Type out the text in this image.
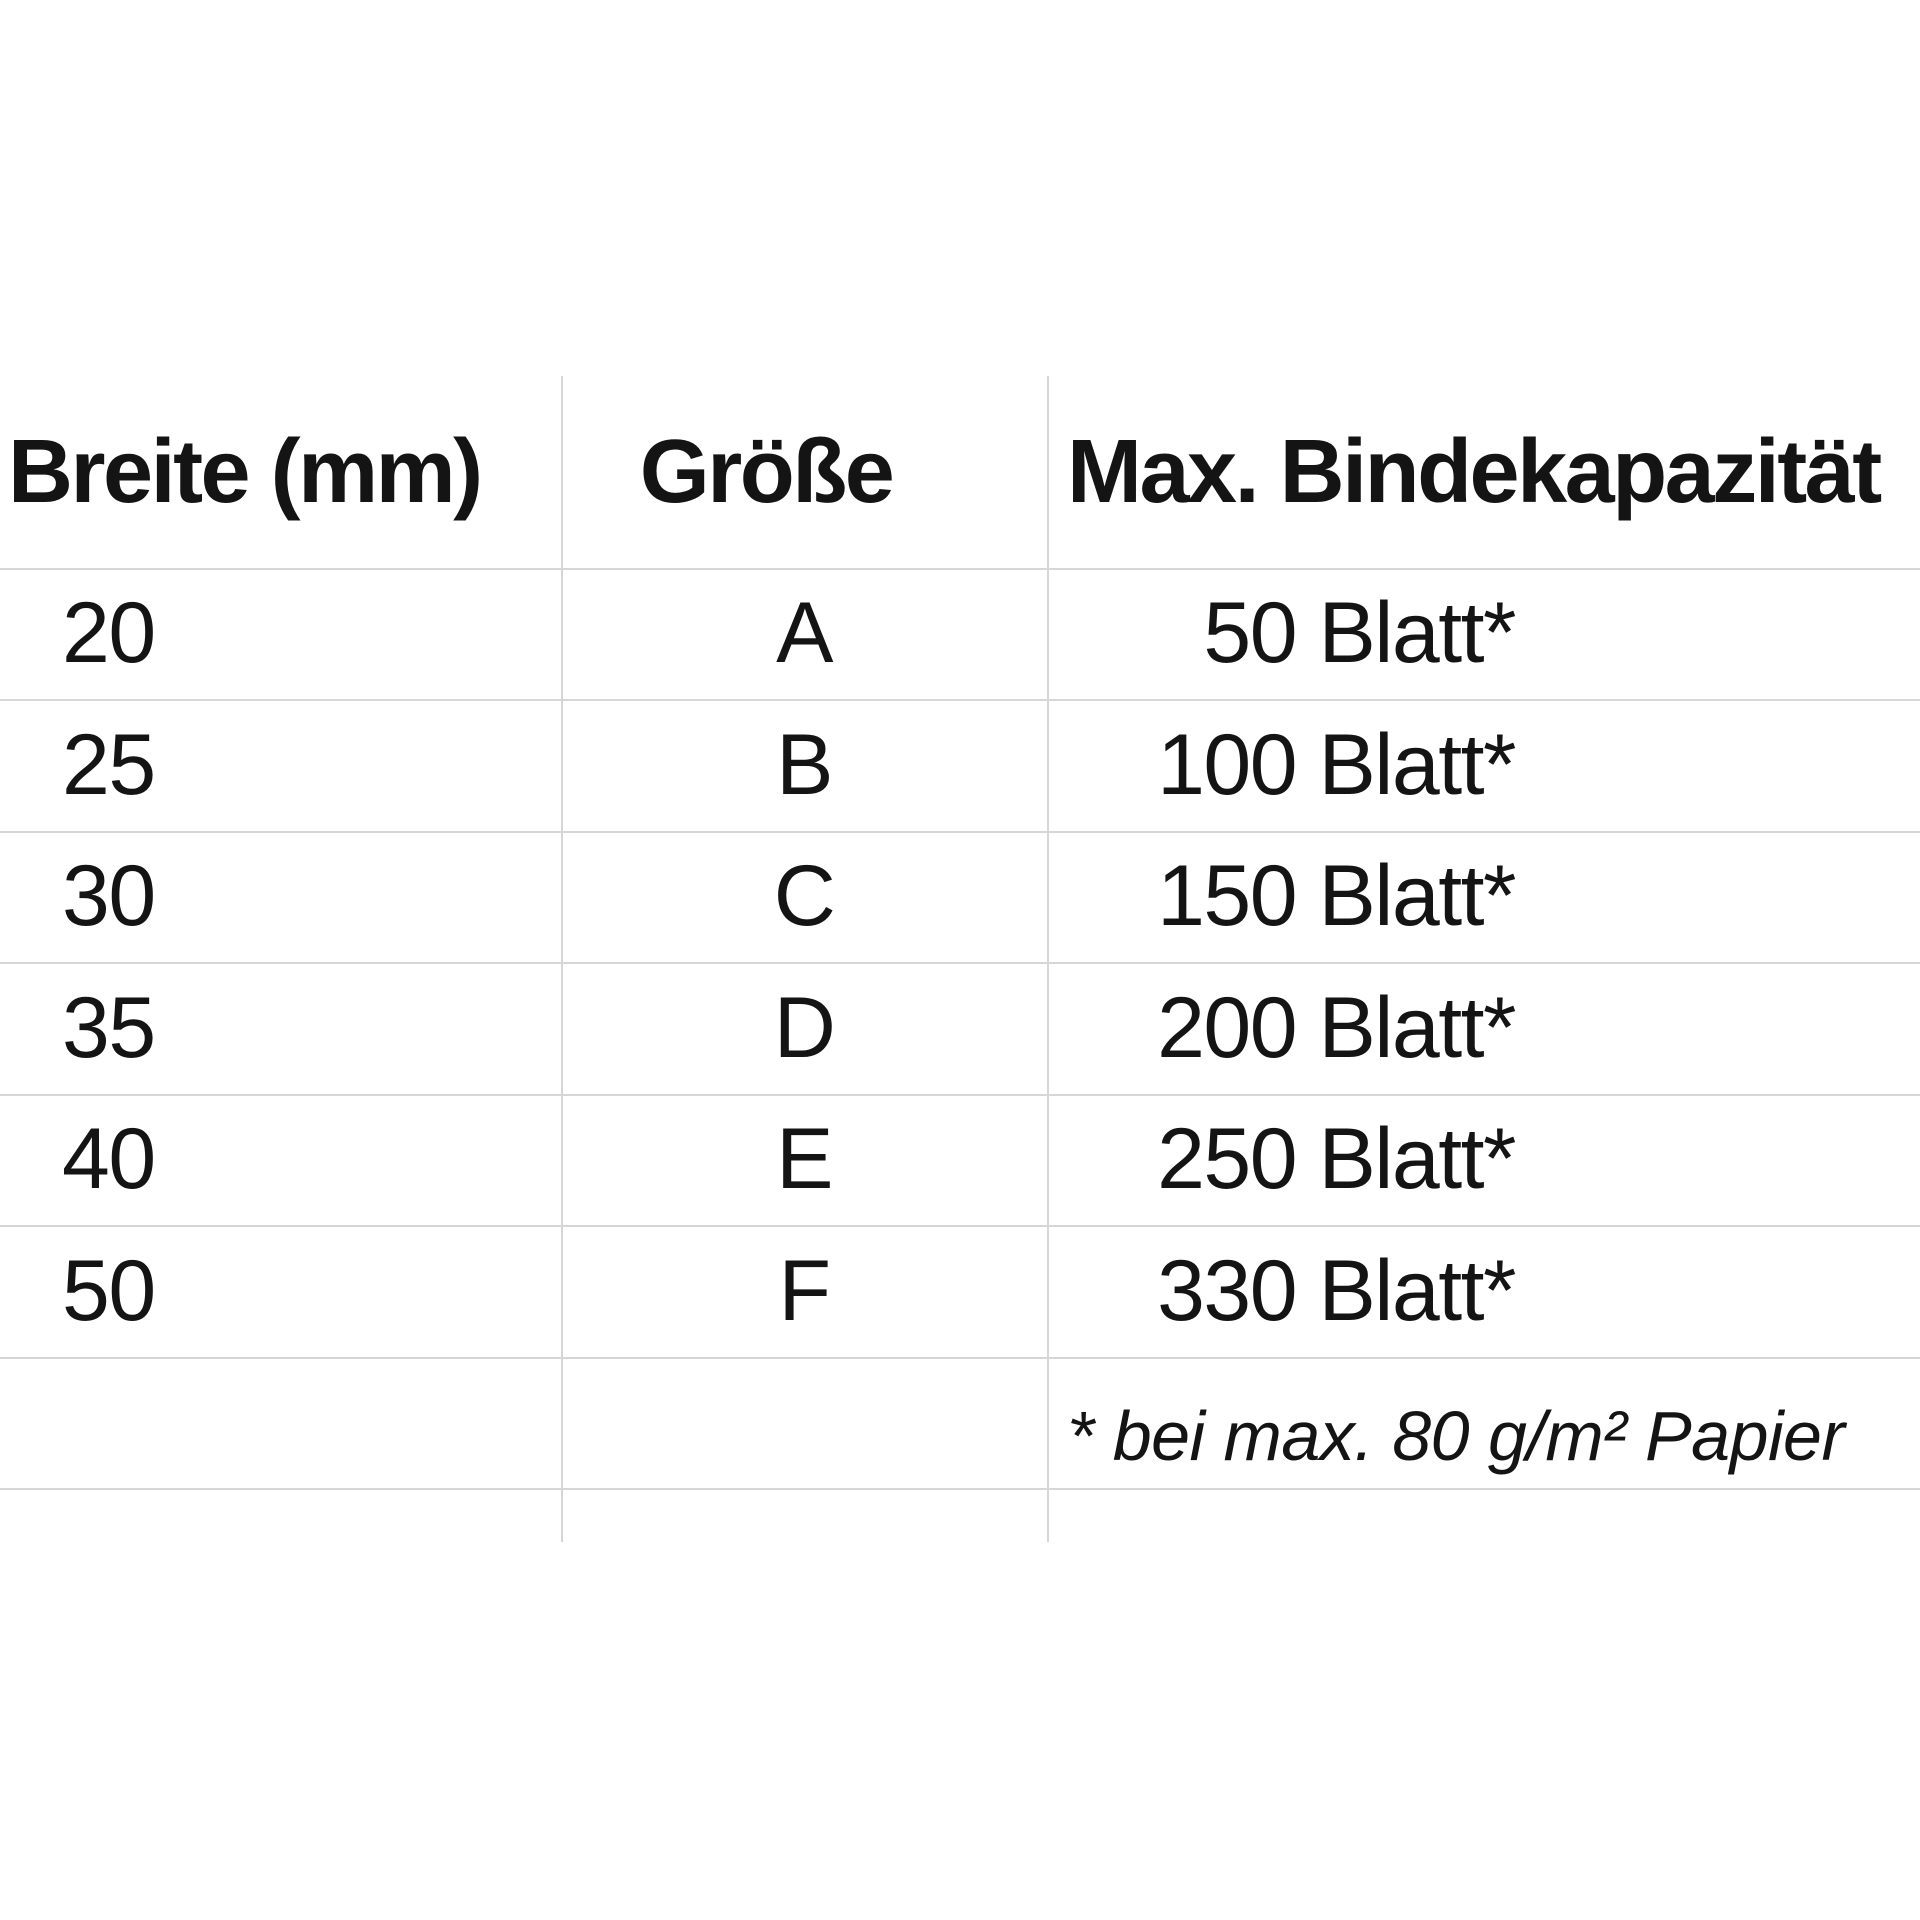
Breite (mm)	Größe	Max. Bindekapazität
20	A	50 Blatt*
25	B	100 Blatt*
30	C	150 Blatt*
35	D	200 Blatt*
40	E	250 Blatt*
50	F	330 Blatt*
* bei max. 80 g/m² Papier
